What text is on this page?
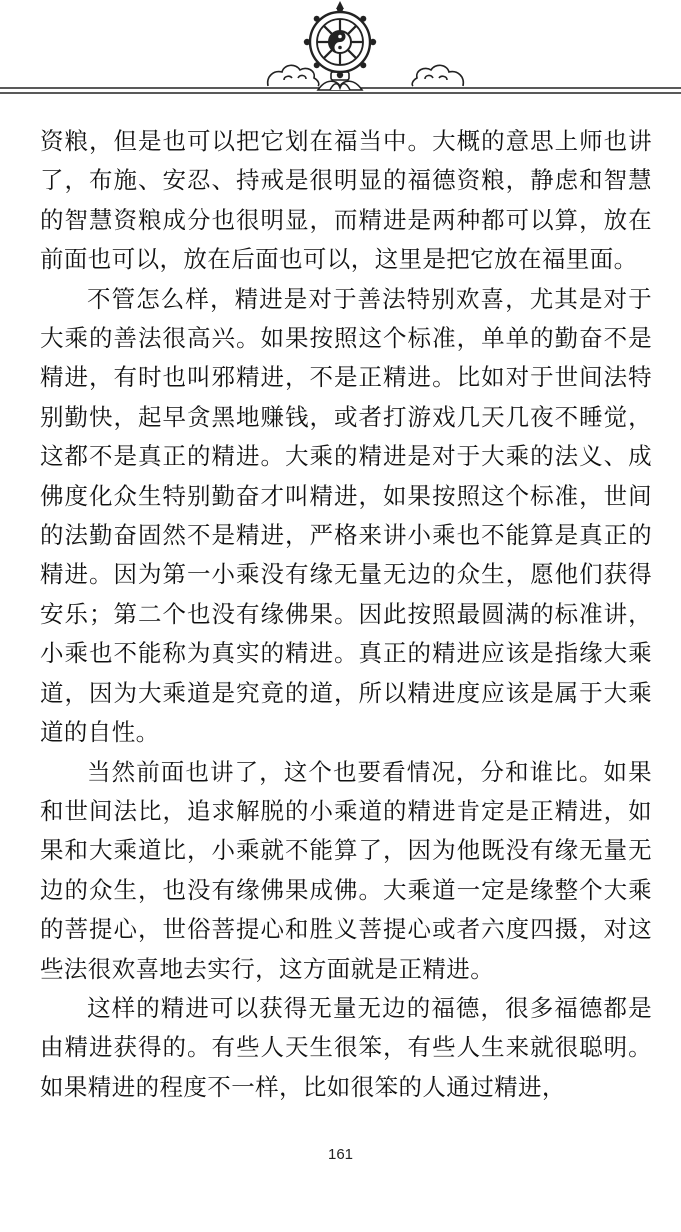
资粮，但是也可以把它划在福当中。大概的意思上师也讲了，布施、安忍、持戒是很明显的福德资粮，静虑和智慧的智慧资粮成分也很明显，而精进是两种都可以算，放在前面也可以，放在后面也可以，这里是把它放在福里面。

不管怎么样，精进是对于善法特别欢喜，尤其是对于大乘的善法很高兴。如果按照这个标准，单单的勤奋不是精进，有时也叫邪精进，不是正精进。比如对于世间法特别勤快，起早贪黑地赚钱，或者打游戏几天几夜不睡觉，这都不是真正的精进。大乘的精进是对于大乘的法义、成佛度化众生特别勤奋才叫精进，如果按照这个标准，世间的法勤奋固然不是精进，严格来讲小乘也不能算是真正的精进。因为第一小乘没有缘无量无边的众生，愿他们获得安乐；第二个也没有缘佛果。因此按照最圆满的标准讲，小乘也不能称为真实的精进。真正的精进应该是指缘大乘道，因为大乘道是究竟的道，所以精进度应该是属于大乘道的自性。

当然前面也讲了，这个也要看情况，分和谁比。如果和世间法比，追求解脱的小乘道的精进肯定是正精进，如果和大乘道比，小乘就不能算了，因为他既没有缘无量无边的众生，也没有缘佛果成佛。大乘道一定是缘整个大乘的菩提心，世俗菩提心和胜义菩提心或者六度四摄，对这些法很欢喜地去实行，这方面就是正精进。

这样的精进可以获得无量无边的福德，很多福德都是由精进获得的。有些人天生很笨，有些人生来就很聪明。如果精进的程度不一样，比如很笨的人通过精进，

161
